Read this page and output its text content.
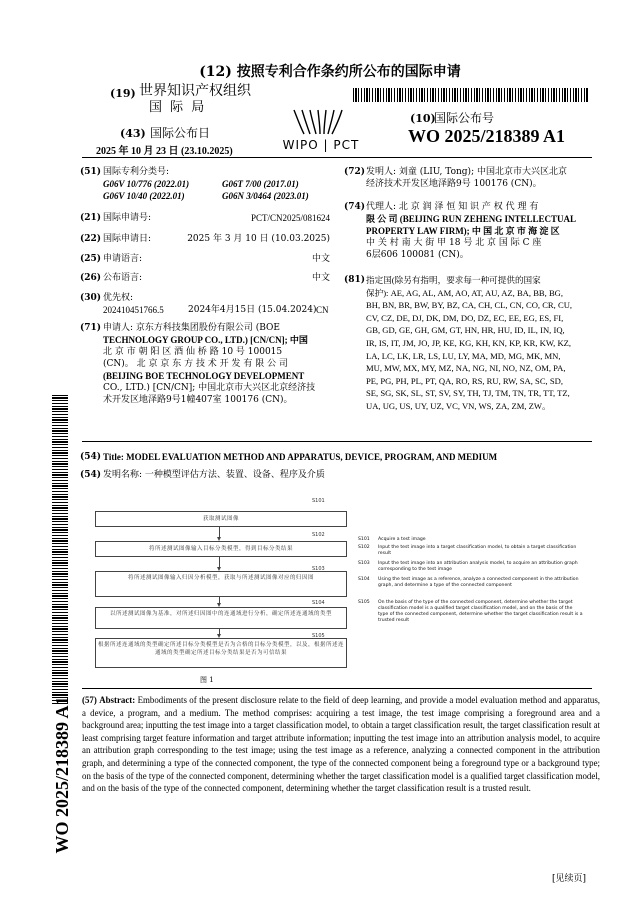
(12) 按照专利合作条约所公布的国际申请
(19) 世界知识产权组织
国 际 局
(43) 国际公布日
2025 年 10 月 23 日 (23.10.2025)	WIPO | PCT
(10)
国际公布号
WO 2025/218389 A1
(51) 国际专利分类号:
G06V 10/776 (2022.01)	G06T 7/00 (2017.01)
G06V 10/40 (2022.01)	G06N 3/0464 (2023.01)
(21) 国际申请号:	PCT/CN2025/081624
(22) 国际申请日:	2025 年 3 月 10 日 (10.03.2025)
(25) 申请语言:	中文
(26) 公布语言:	中文
(30) 优先权:
202410451766.5	2024年4月15日 (15.04.2024) CN
(71) 申请人: 京东方科技集团股份有限公司 (BOE
TECHNOLOGY GROUP CO., LTD.) [CN/CN]; 中国
北 京 市 朝 阳 区 酒 仙 桥 路 10 号 100015
(CN)。 北 京 京 东 方 技 术 开 发 有 限 公 司
(BEIJING BOE TECHNOLOGY DEVELOPMENT
CO., LTD.) [CN/CN]; 中国北京市大兴区北京经济技
术开发区地泽路9号1幢407室 100176 (CN)。
(72) 发明人: 刘童 (LIU, Tong); 中国北京市大兴区北京
经济技术开发区地泽路9号 100176 (CN)。
(74) 代理人: 北 京 润 泽 恒 知 识 产 权 代 理 有
限 公 司 (BEIJING RUN ZEHENG INTELLECTUAL
PROPERTY LAW FIRM); 中 国 北 京 市 海 淀 区
中 关 村 南 大 街 甲 18 号 北 京 国 际 C 座
6层606 100081 (CN)。
(81) 指定国(除另有指明，要求每一种可提供的国家
保护): AE, AG, AL, AM, AO, AT, AU, AZ, BA, BB, BG,
BH, BN, BR, BW, BY, BZ, CA, CH, CL, CN, CO, CR, CU,
CV, CZ, DE, DJ, DK, DM, DO, DZ, EC, EE, EG, ES, FI,
GB, GD, GE, GH, GM, GT, HN, HR, HU, ID, IL, IN, IQ,
IR, IS, IT, JM, JO, JP, KE, KG, KH, KN, KP, KR, KW, KZ,
LA, LC, LK, LR, LS, LU, LY, MA, MD, MG, MK, MN,
MU, MW, MX, MY, MZ, NA, NG, NI, NO, NZ, OM, PA,
PE, PG, PH, PL, PT, QA, RO, RS, RU, RW, SA, SC, SD,
SE, SG, SK, SL, ST, SV, SY, TH, TJ, TM, TN, TR, TT, TZ,
UA, UG, US, UY, UZ, VC, VN, WS, ZA, ZM, ZW。
(54) Title: MODEL EVALUATION METHOD AND APPARATUS, DEVICE, PROGRAM, AND MEDIUM
(54) 发明名称: 一种模型评估方法、装置、设备、程序及介质
获取测试图像
S101
将所述测试图像输入目标分类模型，得到目标分类结果
S102
将所述测试图像输入归因分析模型，获取与所述测试图像对应的归因图
S103
以所述测试图像为基准，对所述归因图中的连通域进行分析，确定所述连通域的类型
S104
根据所述连通域的类型确定所述目标分类模型是否为合格的目标分类模型，以及，根据所述连通域的类型确定所述目标分类结果是否为可信结果
S105
图 1
S101 Acquire a test image
S102 Input the test image into a target classification model, to obtain a target classification result
S103 Input the test image into an attribution analysis model, to acquire an attribution graph corresponding to the test image
S104 Using the test image as a reference, analyze a connected component in the attribution graph, and determine a type of the connected component
S105 On the basis of the type of the connected component, determine whether the target classification model is a qualified target classification model, and on the basis of the type of the connected component, determine whether the target classification result is a trusted result
(57) Abstract: Embodiments of the present disclosure relate to the field of deep learning, and provide a model evaluation method and apparatus, a device, a program, and a medium. The method comprises: acquiring a test image, the test image comprising a foreground area and a background area; inputting the test image into a target classification model, to obtain a target classification result, the target classification result at least comprising target feature information and target attribute information; inputting the test image into an attribution analysis model, to acquire an attribution graph corresponding to the test image; using the test image as a reference, analyzing a connected component in the attribution graph, and determining a type of the connected component, the type of the connected component being a foreground type or a background type; on the basis of the type of the connected component, determining whether the target classification model is a qualified target classification model, and on the basis of the type of the connected component, determining whether the target classification result is a trusted result.
WO 2025/218389 A1
[见续页]
